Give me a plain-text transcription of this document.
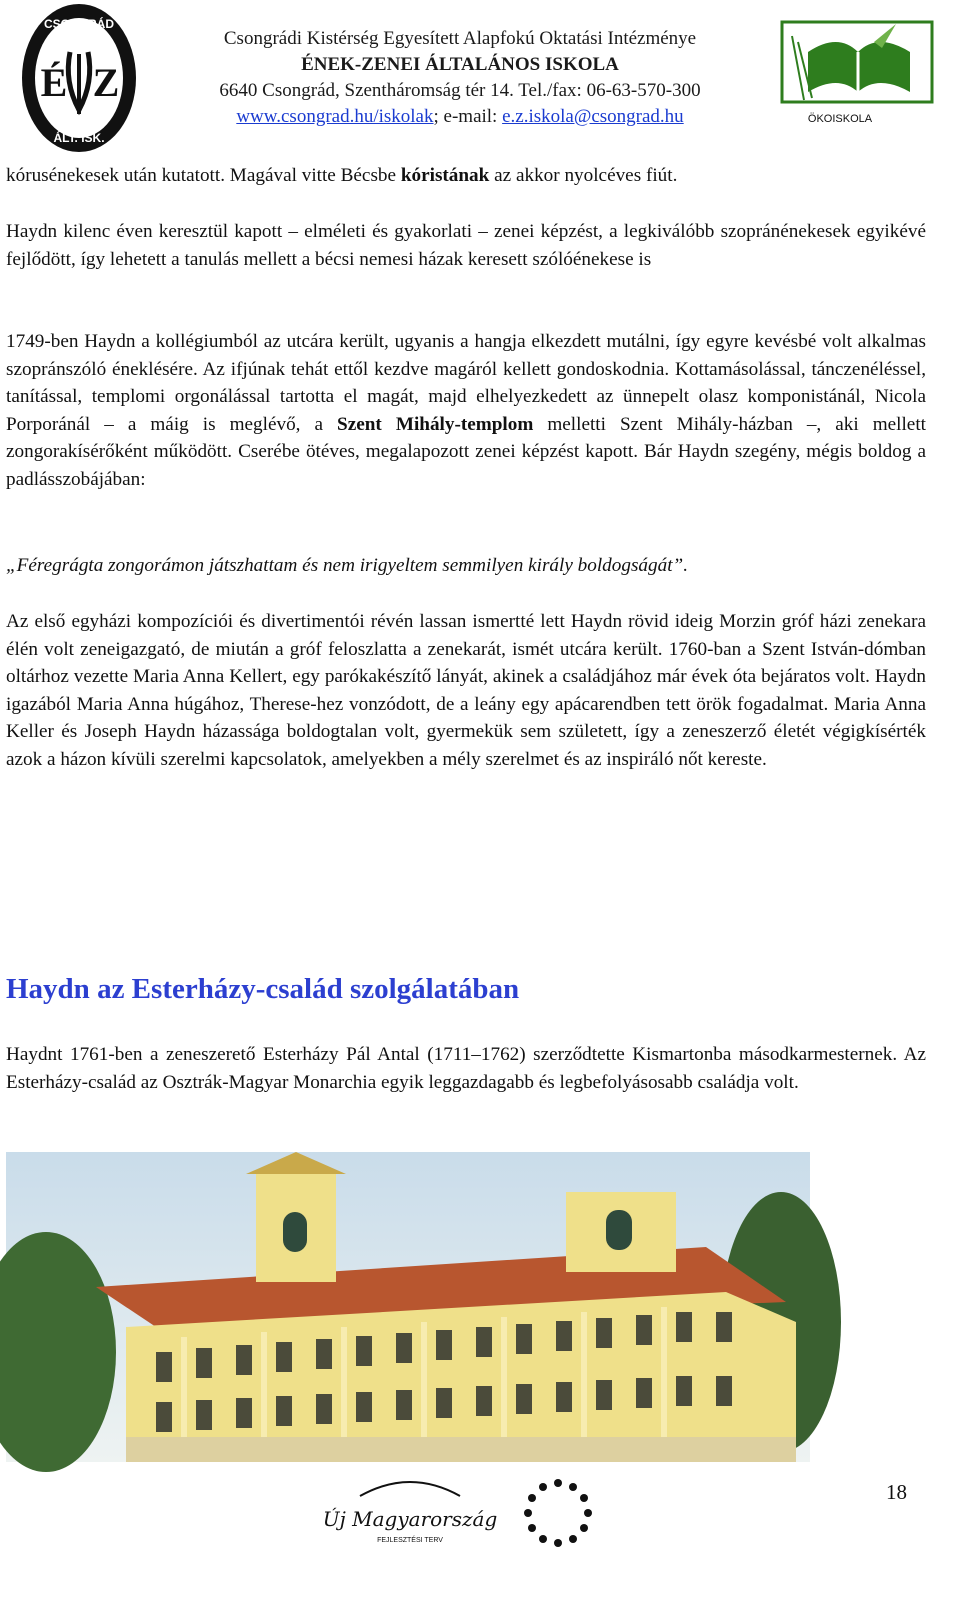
CSONGRÁD
ÁLT. ISK.
É Z
Csongrádi Kistérség Egyesített Alapfokú Oktatási Intézménye
ÉNEK-ZENEI ÁLTALÁNOS ISKOLA
6640 Csongrád, Szentháromság tér 14. Tel./fax: 06-63-570-300
www.csongrad.hu/iskolak; e-mail: e.z.iskola@csongrad.hu	ÖKOISKOLA

kórusénekesek után kutatott. Magával vitte Bécsbe kóristának az akkor nyolcéves fiút.

Haydn kilenc éven keresztül kapott – elméleti és gyakorlati – zenei képzést, a legkiválóbb szopránénekesek egyikévé fejlődött, így lehetett a tanulás mellett a bécsi nemesi házak keresett szólóénekese is

1749-ben Haydn a kollégiumból az utcára került, ugyanis a hangja elkezdett mutálni, így egyre kevésbé volt alkalmas szopránszóló éneklésére. Az ifjúnak tehát ettől kezdve magáról kellett gondoskodnia. Kottamásolással, tánczenéléssel, tanítással, templomi orgonálással tartotta el magát, majd elhelyezkedett az ünnepelt olasz komponistánál, Nicola Porporánál – a máig is meglévő, a Szent Mihály-templom melletti Szent Mihály-házban –, aki mellett zongorakísérőként működött. Cserébe ötéves, megalapozott zenei képzést kapott. Bár Haydn szegény, mégis boldog a padlásszobájában:

„Féregrágta zongorámon játszhattam és nem irigyeltem semmilyen király boldogságát”.

Az első egyházi kompozíciói és divertimentói révén lassan ismertté lett Haydn rövid ideig Morzin gróf házi zenekara élén volt zeneigazgató, de miután a gróf feloszlatta a zenekarát, ismét utcára került. 1760-ban a Szent István-dómban oltárhoz vezette Maria Anna Kellert, egy parókakészítő lányát, akinek a családjához már évek óta bejáratos volt. Haydn igazából Maria Anna húgához, Therese-hez vonzódott, de a leány egy apácarendben tett örök fogadalmat. Maria Anna Keller és Joseph Haydn házassága boldogtalan volt, gyermekük sem született, így a zeneszerző életét végigkísérték azok a házon kívüli szerelmi kapcsolatok, amelyekben a mély szerelmet és az inspiráló nőt kereste.

Haydn az Esterházy-család szolgálatában

Haydnt 1761-ben a zeneszerető Esterházy Pál Antal (1711–1762) szerződtette Kismartonba másodkarmesternek. Az Esterházy-család az Osztrák-Magyar Monarchia egyik leggazdagabb és legbefolyásosabb családja volt.

18
Új Magyarország
FEJLESZTÉSI TERV
